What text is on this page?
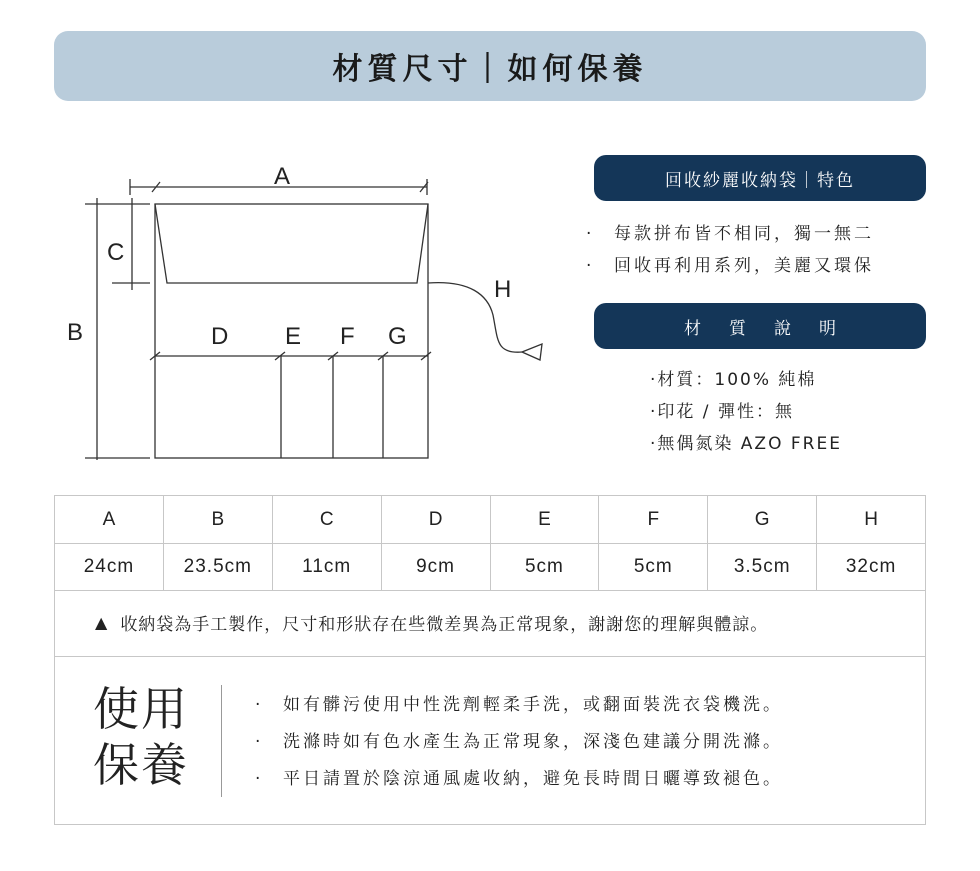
材質尺寸｜如何保養
A
B
C
D E F G
H
回收紗麗收納袋｜特色
· 每款拼布皆不相同，獨一無二
· 回收再利用系列，美麗又環保
材質說明
‧材質：100% 純棉
‧印花 / 彈性：無
‧無偶氮染 AZO FREE
A	B	C	D	E	F	G	H
24cm	23.5cm	11cm	9cm	5cm	5cm	3.5cm	32cm
▲ 收納袋為手工製作，尺寸和形狀存在些微差異為正常現象，謝謝您的理解與體諒。
使用
保養
· 如有髒污使用中性洗劑輕柔手洗，或翻面裝洗衣袋機洗。
· 洗滌時如有色水產生為正常現象，深淺色建議分開洗滌。
· 平日請置於陰涼通風處收納，避免長時間日曬導致褪色。
